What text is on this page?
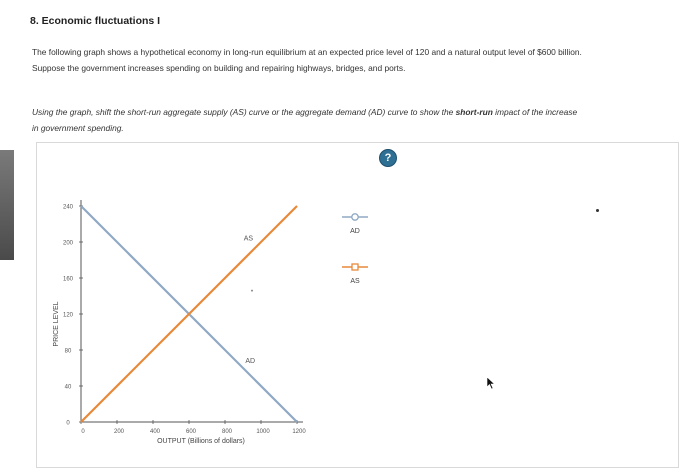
8. Economic fluctuations I
The following graph shows a hypothetical economy in long-run equilibrium at an expected price level of 120 and a natural output level of $600 billion.
Suppose the government increases spending on building and repairing highways, bridges, and ports.
Using the graph, shift the short-run aggregate supply (AS) curve or the aggregate demand (AD) curve to show the short-run impact of the increase
in government spending.
0
40
80
120
160
200
240
0	200	400	600	800	1000	1200
AD
AS
OUTPUT (Billions of dollars)
PRICE LEVEL
?
AD
AS
